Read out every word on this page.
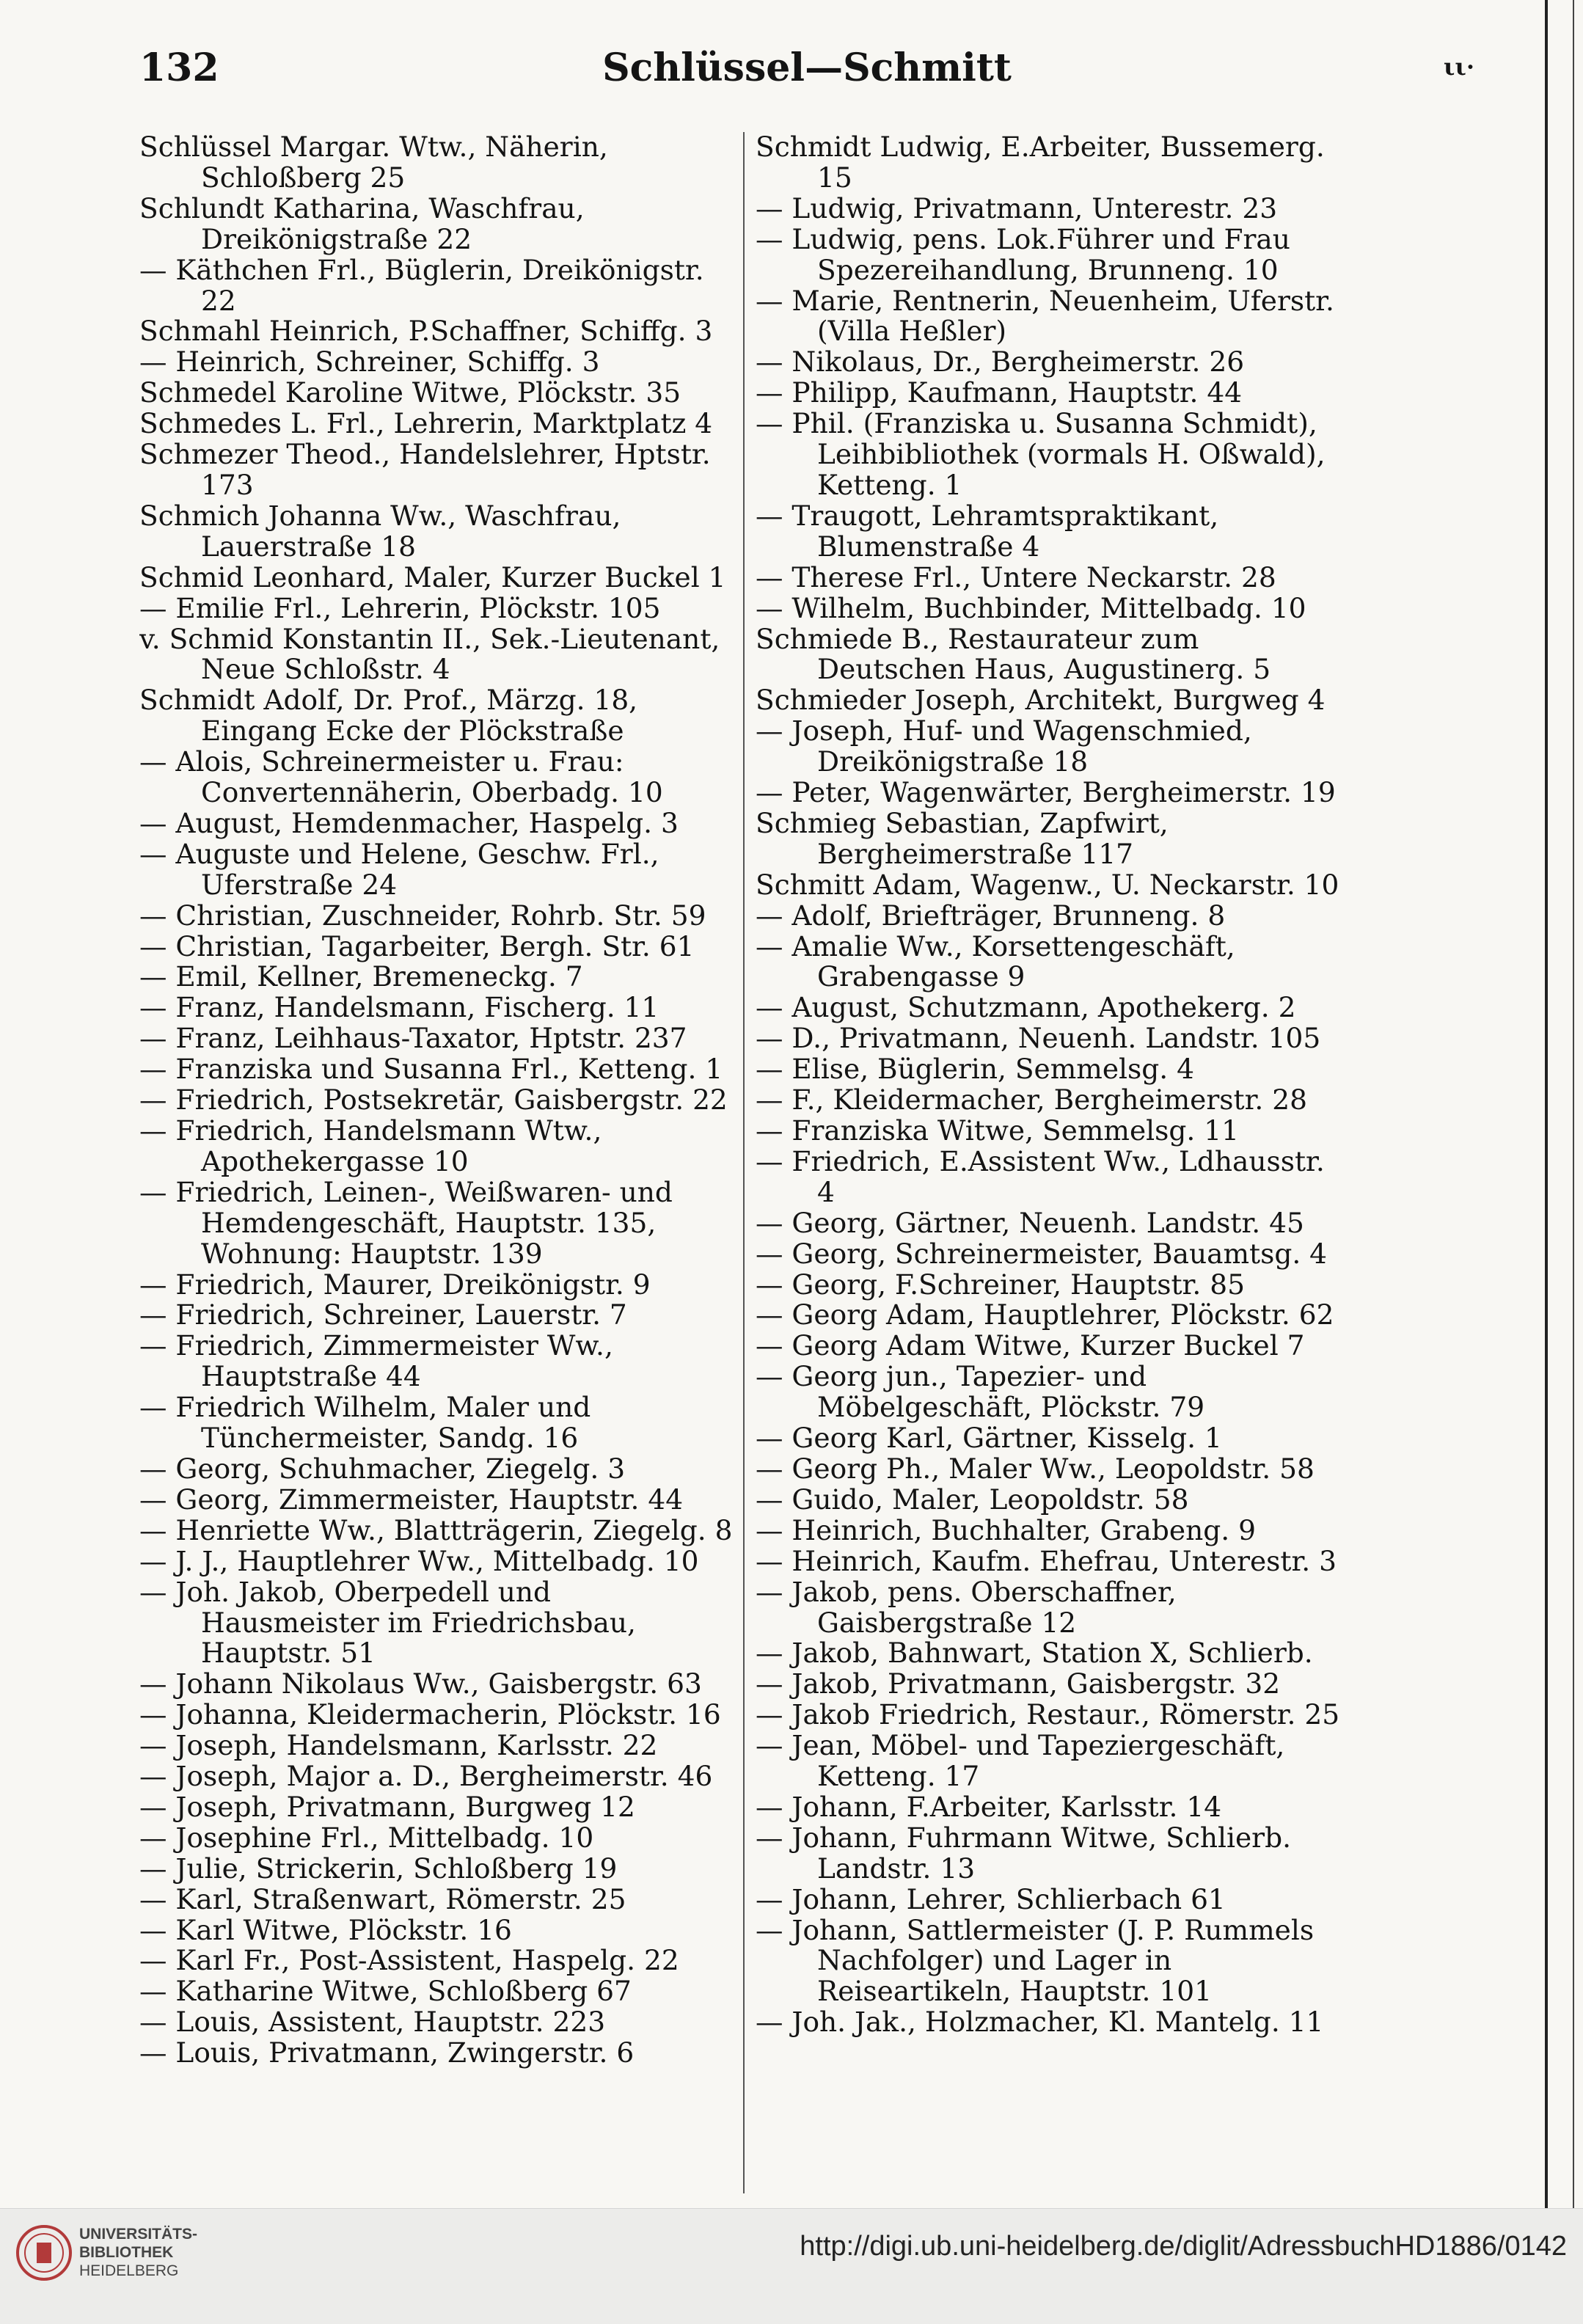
Schlüssel—Schmitt
132	ιι·
Schlüssel Margar. Wtw., Näherin, Schloßberg 25
Schlundt Katharina, Waschfrau, Dreikönigstraße 22
— Käthchen Frl., Büglerin, Dreikönigstr. 22
Schmahl Heinrich, P.Schaffner, Schiffg. 3
— Heinrich, Schreiner, Schiffg. 3
Schmedel Karoline Witwe, Plöckstr. 35
Schmedes L. Frl., Lehrerin, Marktplatz 4
Schmezer Theod., Handelslehrer, Hptstr. 173
Schmich Johanna Ww., Waschfrau, Lauerstraße 18
Schmid Leonhard, Maler, Kurzer Buckel 1
— Emilie Frl., Lehrerin, Plöckstr. 105
v. Schmid Konstantin II., Sek.-Lieutenant, Neue Schloßstr. 4
Schmidt Adolf, Dr. Prof., Märzg. 18, Eingang Ecke der Plöckstraße
— Alois, Schreinermeister u. Frau: Convertennäherin, Oberbadg. 10
— August, Hemdenmacher, Haspelg. 3
— Auguste und Helene, Geschw. Frl., Uferstraße 24
— Christian, Zuschneider, Rohrb. Str. 59
— Christian, Tagarbeiter, Bergh. Str. 61
— Emil, Kellner, Bremeneckg. 7
— Franz, Handelsmann, Fischerg. 11
— Franz, Leihhaus-Taxator, Hptstr. 237
— Franziska und Susanna Frl., Ketteng. 1
— Friedrich, Postsekretär, Gaisbergstr. 22
— Friedrich, Handelsmann Wtw., Apothekergasse 10
— Friedrich, Leinen-, Weißwaren- und Hemdengeschäft, Hauptstr. 135, Wohnung: Hauptstr. 139
— Friedrich, Maurer, Dreikönigstr. 9
— Friedrich, Schreiner, Lauerstr. 7
— Friedrich, Zimmermeister Ww., Hauptstraße 44
— Friedrich Wilhelm, Maler und Tünchermeister, Sandg. 16
— Georg, Schuhmacher, Ziegelg. 3
— Georg, Zimmermeister, Hauptstr. 44
— Henriette Ww., Blattträgerin, Ziegelg. 8
— J. J., Hauptlehrer Ww., Mittelbadg. 10
— Joh. Jakob, Oberpedell und Hausmeister im Friedrichsbau, Hauptstr. 51
— Johann Nikolaus Ww., Gaisbergstr. 63
— Johanna, Kleidermacherin, Plöckstr. 16
— Joseph, Handelsmann, Karlsstr. 22
— Joseph, Major a. D., Bergheimerstr. 46
— Joseph, Privatmann, Burgweg 12
— Josephine Frl., Mittelbadg. 10
— Julie, Strickerin, Schloßberg 19
— Karl, Straßenwart, Römerstr. 25
— Karl Witwe, Plöckstr. 16
— Karl Fr., Post-Assistent, Haspelg. 22
— Katharine Witwe, Schloßberg 67
— Louis, Assistent, Hauptstr. 223
— Louis, Privatmann, Zwingerstr. 6
Schmidt Ludwig, E.Arbeiter, Bussemerg. 15
— Ludwig, Privatmann, Unterestr. 23
— Ludwig, pens. Lok.Führer und Frau Spezereihandlung, Brunneng. 10
— Marie, Rentnerin, Neuenheim, Uferstr. (Villa Heßler)
— Nikolaus, Dr., Bergheimerstr. 26
— Philipp, Kaufmann, Hauptstr. 44
— Phil. (Franziska u. Susanna Schmidt), Leihbibliothek (vormals H. Oßwald), Ketteng. 1
— Traugott, Lehramtspraktikant, Blumenstraße 4
— Therese Frl., Untere Neckarstr. 28
— Wilhelm, Buchbinder, Mittelbadg. 10
Schmiede B., Restaurateur zum Deutschen Haus, Augustinerg. 5
Schmieder Joseph, Architekt, Burgweg 4
— Joseph, Huf- und Wagenschmied, Dreikönigstraße 18
— Peter, Wagenwärter, Bergheimerstr. 19
Schmieg Sebastian, Zapfwirt, Bergheimerstraße 117
Schmitt Adam, Wagenw., U. Neckarstr. 10
— Adolf, Briefträger, Brunneng. 8
— Amalie Ww., Korsettengeschäft, Grabengasse 9
— August, Schutzmann, Apothekerg. 2
— D., Privatmann, Neuenh. Landstr. 105
— Elise, Büglerin, Semmelsg. 4
— F., Kleidermacher, Bergheimerstr. 28
— Franziska Witwe, Semmelsg. 11
— Friedrich, E.Assistent Ww., Ldhausstr. 4
— Georg, Gärtner, Neuenh. Landstr. 45
— Georg, Schreinermeister, Bauamtsg. 4
— Georg, F.Schreiner, Hauptstr. 85
— Georg Adam, Hauptlehrer, Plöckstr. 62
— Georg Adam Witwe, Kurzer Buckel 7
— Georg jun., Tapezier- und Möbelgeschäft, Plöckstr. 79
— Georg Karl, Gärtner, Kisselg. 1
— Georg Ph., Maler Ww., Leopoldstr. 58
— Guido, Maler, Leopoldstr. 58
— Heinrich, Buchhalter, Grabeng. 9
— Heinrich, Kaufm. Ehefrau, Unterestr. 3
— Jakob, pens. Oberschaffner, Gaisbergstraße 12
— Jakob, Bahnwart, Station X, Schlierb.
— Jakob, Privatmann, Gaisbergstr. 32
— Jakob Friedrich, Restaur., Römerstr. 25
— Jean, Möbel- und Tapeziergeschäft, Ketteng. 17
— Johann, F.Arbeiter, Karlsstr. 14
— Johann, Fuhrmann Witwe, Schlierb. Landstr. 13
— Johann, Lehrer, Schlierbach 61
— Johann, Sattlermeister (J. P. Rummels Nachfolger) und Lager in Reiseartikeln, Hauptstr. 101
— Joh. Jak., Holzmacher, Kl. Mantelg. 11
UNIVERSITÄTS-
BIBLIOTHEK
HEIDELBERG
http://digi.ub.uni-heidelberg.de/diglit/AdressbuchHD1886/0142
